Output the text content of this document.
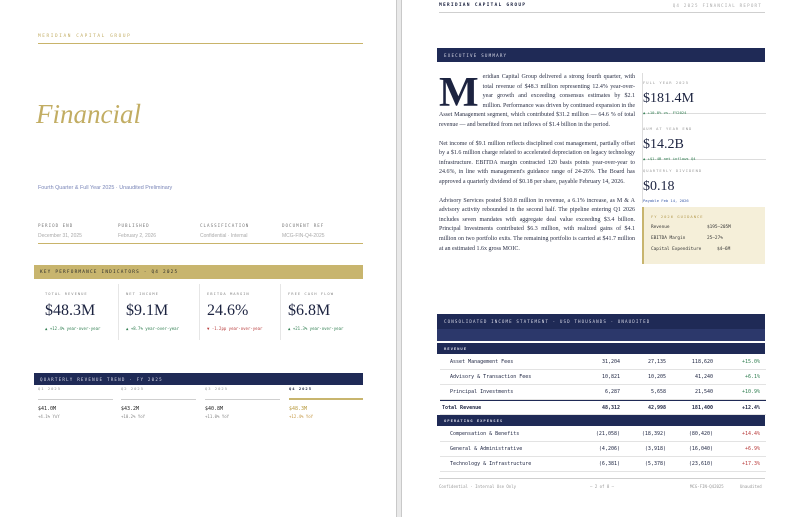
MERIDIAN CAPITAL GROUP
Financial
Fourth Quarter & Full Year 2025 · Unaudited Preliminary
PERIOD END
December 31, 2025
PUBLISHED
February 2, 2026
CLASSIFICATION
Confidential · Internal
DOCUMENT REF
MCG-FIN-Q4-2025
KEY PERFORMANCE INDICATORS · Q4 2025
TOTAL REVENUE
$48.3M
▲ +12.4% year-over-year
NET INCOME
$9.1M
▲ +8.7% year-over-year
EBITDA MARGIN
24.6%
▼ -1.2pp year-over-year
FREE CASH FLOW
$6.8M
▲ +21.3% year-over-year
QUARTERLY REVENUE TREND · FY 2025
Q1 2025
$41.0M
+4.1% YoY
Q2 2025
$43.2M
+10.2% YoY
Q3 2025
$40.8M
+11.0% YoY
Q4 2025
$48.3M
+12.4% YoY
MERIDIAN CAPITAL GROUP	Q4 2025 FINANCIAL REPORT
EXECUTIVE SUMMARY

Meridian Capital Group delivered a strong fourth quarter, with total revenue of $48.3 million representing 12.4% year-over-year growth and exceeding consensus estimates by $2.1 million. Performance was driven by continued expansion in the Asset Management segment, which contributed $31.2 million — 64.6 % of total revenue — and benefited from net inflows of $1.4 billion in the period.

Net income of $9.1 million reflects disciplined cost management, partially offset by a $1.6 million charge related to accelerated depreciation on legacy technology infrastructure. EBITDA margin contracted 120 basis points year-over-year to 24.6%, in line with management's guidance range of 24-26%. The Board has approved a quarterly dividend of $0.18 per share, payable February 14, 2026.

Advisory Services posted $10.8 million in revenue, a 6.1% increase, as M & A advisory activity rebounded in the second half. The pipeline entering Q1 2026 includes seven mandates with aggregate deal value exceeding $3.4 billion. Principal Investments contributed $6.3 million, with realized gains of $4.1 million on two portfolio exits. The remaining portfolio is carried at $41.7 million at an estimated 1.6x gross MOIC.

FULL YEAR 2025
$181.4M
▲ +10.8% vs. FY2024
AUM AT YEAR END
$14.2B
▲ +$1.4B net inflows Q4
QUARTERLY DIVIDEND
$0.18
Payable Feb 14, 2026
FY 2026 GUIDANCE
Revenue	$195–205M
EBITDA Margin	25–27%
Capital Expenditure	$4–6M
CONSOLIDATED INCOME STATEMENT · USD THOUSANDS · UNAUDITED
REVENUE
Asset Management Fees	31,204	27,135	118,620	+15.0%
Advisory & Transaction Fees	10,821	10,205	41,240	+6.1%
Principal Investments	6,287	5,658	21,540	+10.9%
Total Revenue	48,312	42,998	181,400	+12.4%
OPERATING EXPENSES
Compensation & Benefits	(21,058)	(18,392)	(80,420)	+14.4%
General & Administrative	(4,206)	(3,918)	(16,040)	+6.9%
Technology & Infrastructure	(6,381)	(5,378)	(23,610)	+17.3%
Confidential · Internal Use Only	— 2 of 8 —	MCG-FIN-Q42025	Unaudited
